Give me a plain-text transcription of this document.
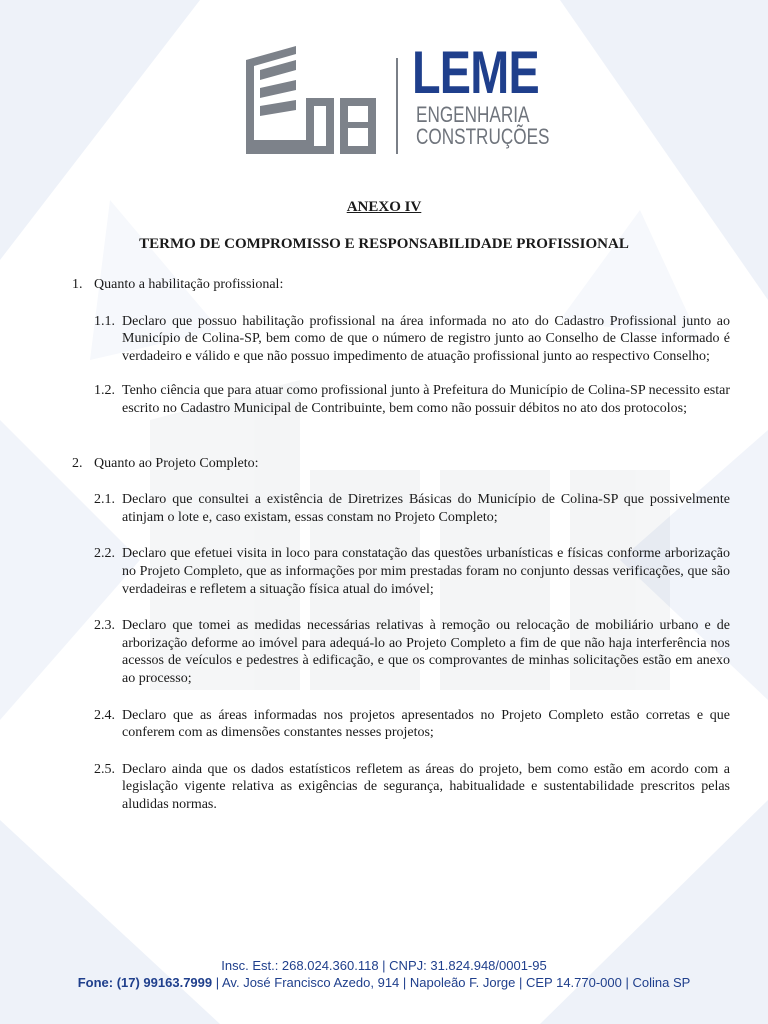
LEME
ENGENHARIA
CONSTRUÇÕES
ANEXO IV
TERMO DE COMPROMISSO E RESPONSABILIDADE PROFISSIONAL
1. Quanto a habilitação profissional:
1.1. Declaro que possuo habilitação profissional na área informada no ato do Cadastro Profissional junto ao Município de Colina-SP, bem como de que o número de registro junto ao Conselho de Classe informado é verdadeiro e válido e que não possuo impedimento de atuação profissional junto ao respectivo Conselho;
1.2. Tenho ciência que para atuar como profissional junto à Prefeitura do Município de Colina-SP necessito estar escrito no Cadastro Municipal de Contribuinte, bem como não possuir débitos no ato dos protocolos;
2. Quanto ao Projeto Completo:
2.1. Declaro que consultei a existência de Diretrizes Básicas do Município de Colina-SP que possivelmente atinjam o lote e, caso existam, essas constam no Projeto Completo;
2.2. Declaro que efetuei visita in loco para constatação das questões urbanísticas e físicas conforme arborização no Projeto Completo, que as informações por mim prestadas foram no conjunto dessas verificações, que são verdadeiras e refletem a situação física atual do imóvel;
2.3. Declaro que tomei as medidas necessárias relativas à remoção ou relocação de mobiliário urbano e de arborização deforme ao imóvel para adequá-lo ao Projeto Completo a fim de que não haja interferência nos acessos de veículos e pedestres à edificação, e que os comprovantes de minhas solicitações estão em anexo ao processo;
2.4. Declaro que as áreas informadas nos projetos apresentados no Projeto Completo estão corretas e que conferem com as dimensões constantes nesses projetos;
2.5. Declaro ainda que os dados estatísticos refletem as áreas do projeto, bem como estão em acordo com a legislação vigente relativa as exigências de segurança, habitualidade e sustentabilidade prescritos pelas aludidas normas.
Insc. Est.: 268.024.360.118 | CNPJ: 31.824.948/0001-95
Fone: (17) 99163.7999 | Av. José Francisco Azedo, 914 | Napoleão F. Jorge | CEP 14.770-000 | Colina SP
